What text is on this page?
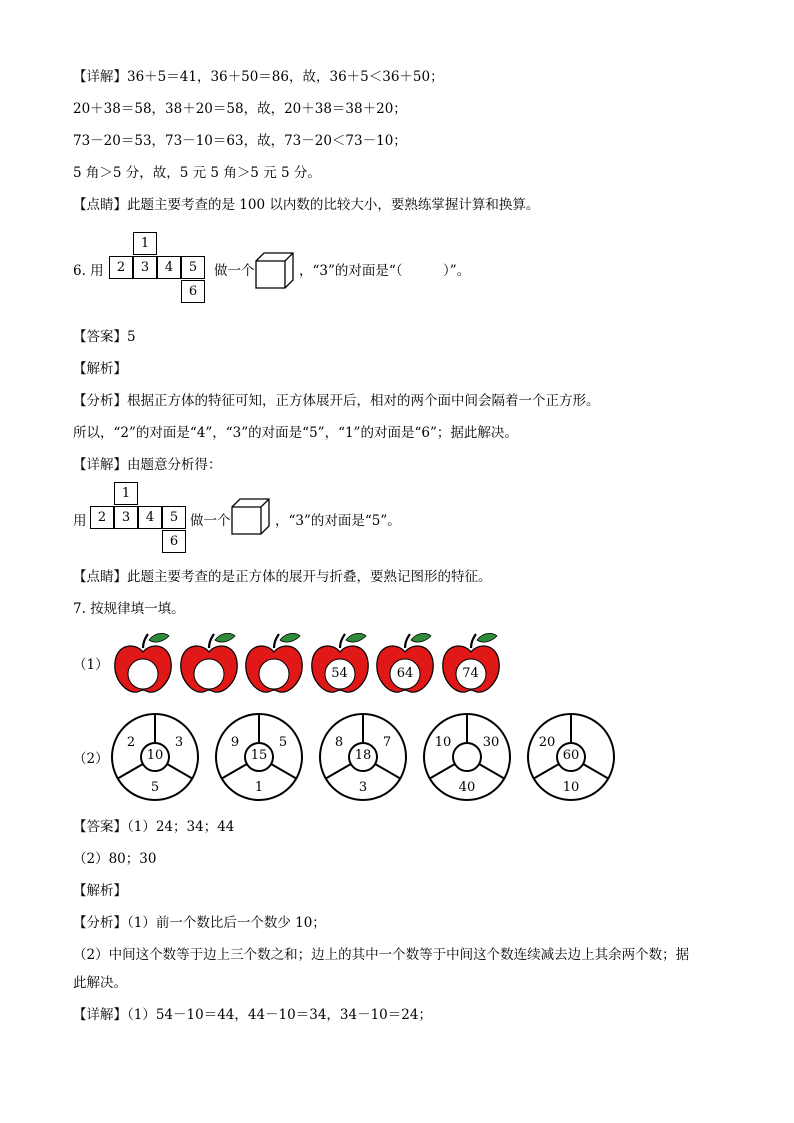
【详解】36＋5＝41，36＋50＝86，故，36＋5＜36＋50；
20＋38＝58，38＋20＝58，故，20＋38＝38＋20；
73－20＝53，73－10＝63，故，73－20＜73－10；
5 角＞5 分，故，5 元 5 角＞5 元 5 分。
【点睛】此题主要考查的是 100 以内数的比较大小，要熟练掌握计算和换算。
6. 用
1
2	3	4	5
6
做一个	，“3”的对面是“（　　　）”。
【答案】5
【解析】
【分析】根据正方体的特征可知，正方体展开后，相对的两个面中间会隔着一个正方形。
所以，“2”的对面是“4”，“3”的对面是“5”，“1”的对面是“6”；据此解决。
【详解】由题意分析得：
用
1
2	3	4	5
6
做一个	，“3”的对面是“5”。
【点睛】此题主要考查的是正方体的展开与折叠，要熟记图形的特征。
7. 按规律填一填。
（1）
54	64	74
（2）
2	3
10
5
9	5
15
1
8	7
18
3
10	30
40
20
60
10
【答案】（1）24；34；44
（2）80；30
【解析】
【分析】（1）前一个数比后一个数少 10；
（2）中间这个数等于边上三个数之和；边上的其中一个数等于中间这个数连续减去边上其余两个数；据
此解决。
【详解】（1）54－10＝44，44－10＝34，34－10＝24；
